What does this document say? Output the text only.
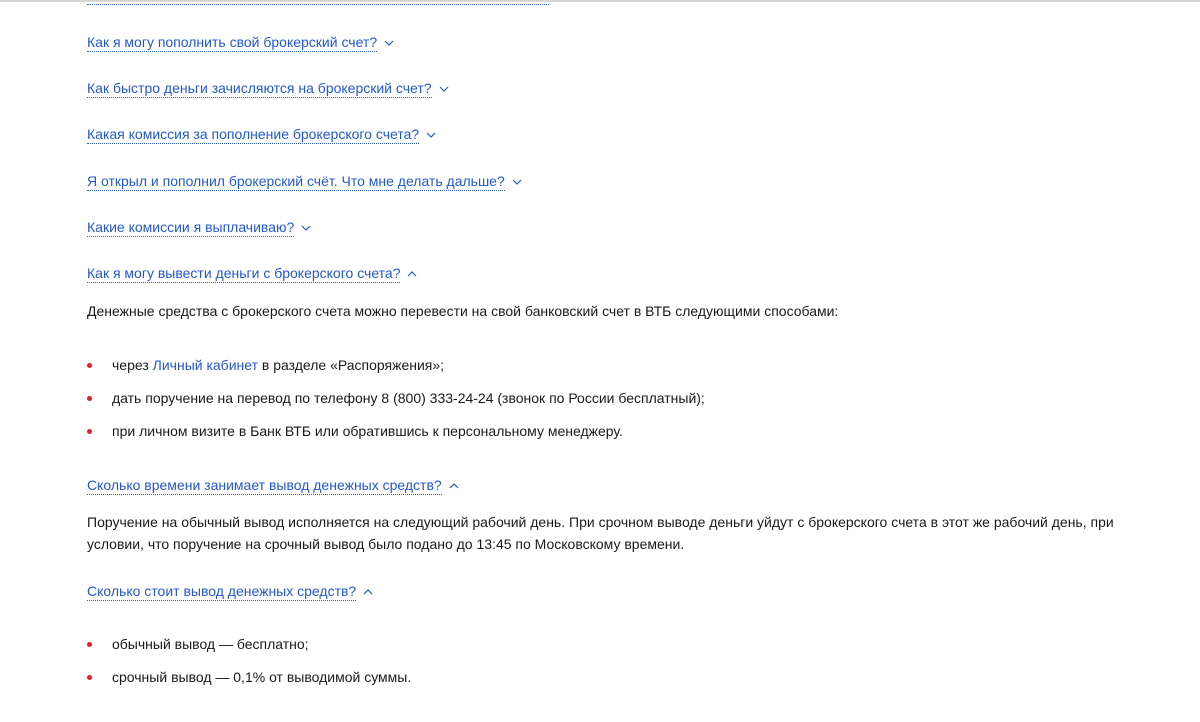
Как я могу пополнить свой брокерский счет?
Как быстро деньги зачисляются на брокерский счет?
Какая комиссия за пополнение брокерского счета?
Я открыл и пополнил брокерский счёт. Что мне делать дальше?
Какие комиссии я выплачиваю?
Как я могу вывести деньги с брокерского счета?
Денежные средства с брокерского счета можно перевести на свой банковский счет в ВТБ следующими способами:
через Личный кабинет в разделе «Распоряжения»;
дать поручение на перевод по телефону 8 (800) 333-24-24 (звонок по России бесплатный);
при личном визите в Банк ВТБ или обратившись к персональному менеджеру.
Сколько времени занимает вывод денежных средств?
Поручение на обычный вывод исполняется на следующий рабочий день. При срочном выводе деньги уйдут с брокерского счета в этот же рабочий день, при условии, что поручение на срочный вывод было подано до 13:45 по Московскому времени.
Сколько стоит вывод денежных средств?
обычный вывод — бесплатно;
срочный вывод — 0,1% от выводимой суммы.
